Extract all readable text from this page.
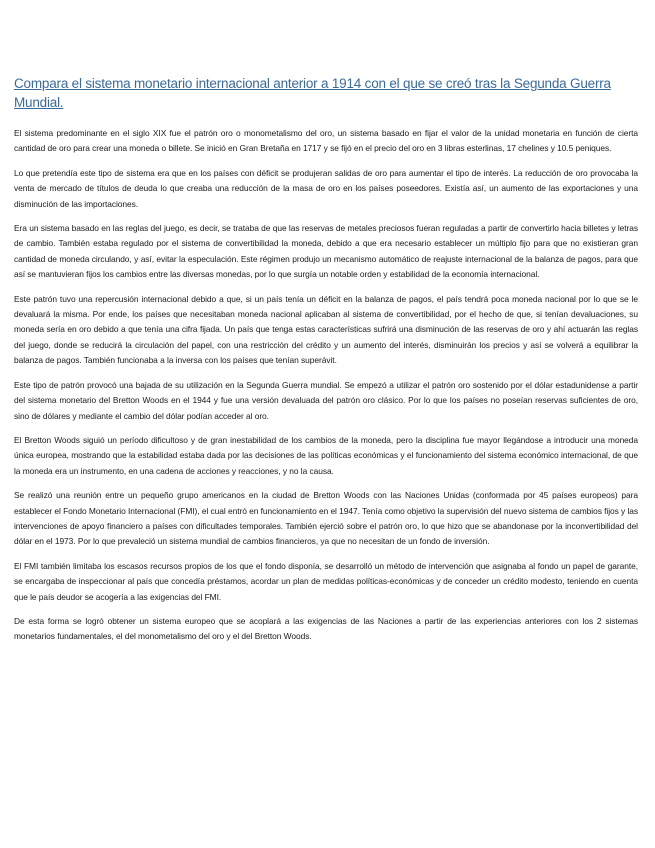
Compara el sistema monetario internacional anterior a 1914 con el que se creó tras la Segunda Guerra Mundial.

El sistema predominante en el siglo XIX fue el patrón oro o monometalismo del oro, un sistema basado en fijar el valor de la unidad monetaria en función de cierta cantidad de oro para crear una moneda o billete. Se inició en Gran Bretaña en 1717 y se fijó en el precio del oro en 3 libras esterlinas, 17 chelines y 10.5 peniques.

Lo que pretendía este tipo de sistema era que en los países con déficit se produjeran salidas de oro para aumentar el tipo de interés. La reducción de oro provocaba la venta de mercado de títulos de deuda lo que creaba una reducción de la masa de oro en los países poseedores. Existía así, un aumento de las exportaciones y una disminución de las importaciones.

Era un sistema basado en las reglas del juego, es decir, se trataba de que las reservas de metales preciosos fueran reguladas a partir de convertirlo hacia billetes y letras de cambio. También estaba regulado por el sistema de convertibilidad la moneda, debido a que era necesario establecer un múltiplo fijo para que no existieran gran cantidad de moneda circulando, y así, evitar la especulación. Este régimen produjo un mecanismo automático de reajuste internacional de la balanza de pagos, para que así se mantuvieran fijos los cambios entre las diversas monedas, por lo que surgía un notable orden y estabilidad de la economía internacional.

Este patrón tuvo una repercusión internacional debido a que, si un país tenía un déficit en la balanza de pagos, el país tendrá poca moneda nacional por lo que se le devaluará la misma. Por ende, los países que necesitaban moneda nacional aplicaban al sistema de convertibilidad, por el hecho de que, si tenían devaluaciones, su moneda sería en oro debido a que tenía una cifra fijada. Un país que tenga estas características sufrirá una disminución de las reservas de oro y ahí actuarán las reglas del juego, donde se reducirá la circulación del papel, con una restricción del crédito y un aumento del interés, disminuirán los precios y así se volverá a equilibrar la balanza de pagos. También funcionaba a la inversa con los países que tenían superávit.

Este tipo de patrón provocó una bajada de su utilización en la Segunda Guerra mundial. Se empezó a utilizar el patrón oro sostenido por el dólar estadunidense a partir del sistema monetario del Bretton Woods en el 1944 y fue una versión devaluada del patrón oro clásico. Por lo que los países no poseían reservas suficientes de oro, sino de dólares y mediante el cambio del dólar podían acceder al oro.

El Bretton Woods siguió un período dificultoso y de gran inestabilidad de los cambios de la moneda, pero la disciplina fue mayor llegándose a introducir una moneda única europea, mostrando que la estabilidad estaba dada por las decisiones de las políticas económicas y el funcionamiento del sistema económico internacional, de que la moneda era un instrumento, en una cadena de acciones y reacciones, y no la causa.

Se realizó una reunión entre un pequeño grupo americanos en la ciudad de Bretton Woods con las Naciones Unidas (conformada por 45 países europeos) para establecer el Fondo Monetario Internacional (FMI), el cual entró en funcionamiento en el 1947. Tenía como objetivo la supervisión del nuevo sistema de cambios fijos y las intervenciones de apoyo financiero a países con dificultades temporales. También ejerció sobre el patrón oro, lo que hizo que se abandonase por la inconvertibilidad del dólar en el 1973. Por lo que prevaleció un sistema mundial de cambios financieros, ya que no necesitan de un fondo de inversión.

El FMI también limitaba los escasos recursos propios de los que el fondo disponía, se desarrolló un método de intervención que asignaba al fondo un papel de garante, se encargaba de inspeccionar al país que concedía préstamos, acordar un plan de medidas políticas-económicas y de conceder un crédito modesto, teniendo en cuenta que le país deudor se acogería a las exigencias del FMI.

De esta forma se logró obtener un sistema europeo que se acoplará a las exigencias de las Naciones a partir de las experiencias anteriores con los 2 sistemas monetarios fundamentales, el del monometalismo del oro y el del Bretton Woods.
